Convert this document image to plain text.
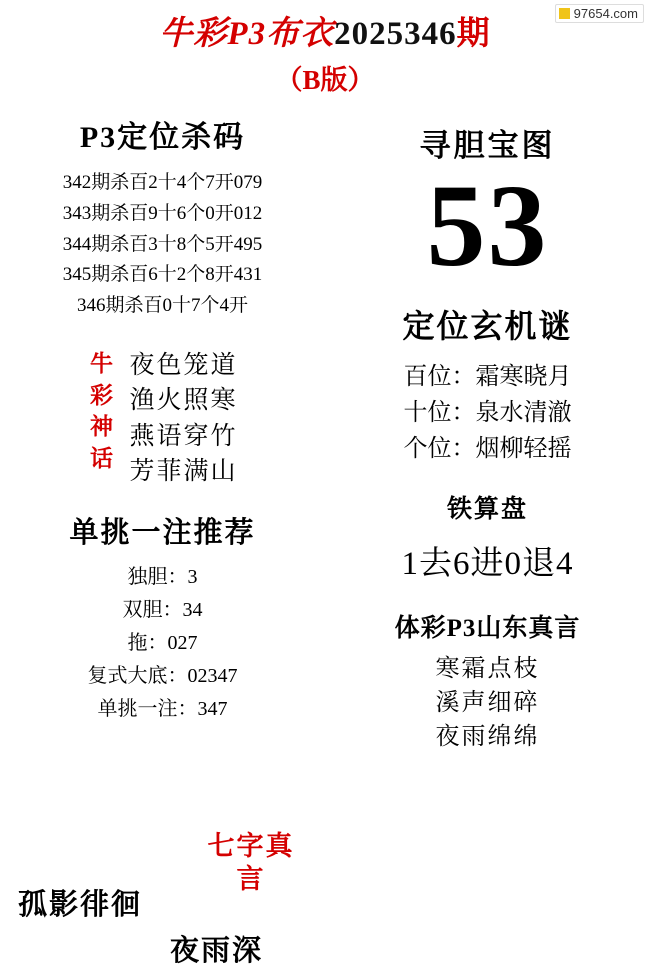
97654.com
牛彩P3布衣2025346期
（B版）
P3定位杀码
342期杀百2十4个7开079
343期杀百9十6个0开012
344期杀百3十8个5开495
345期杀百6十2个8开431
346期杀百0十7个4开
牛
彩
神
话
夜色笼道
渔火照寒
燕语穿竹
芳菲满山
单挑一注推荐
独胆：3
双胆：34
拖：027
复式大底：02347
单挑一注：347
七字真言
孤影徘徊
夜雨深
寻胆宝图
53
定位玄机谜
百位：霜寒晓月
十位：泉水清澈
个位：烟柳轻摇
铁算盘
1去6进0退4
体彩P3山东真言
寒霜点枝
溪声细碎
夜雨绵绵
